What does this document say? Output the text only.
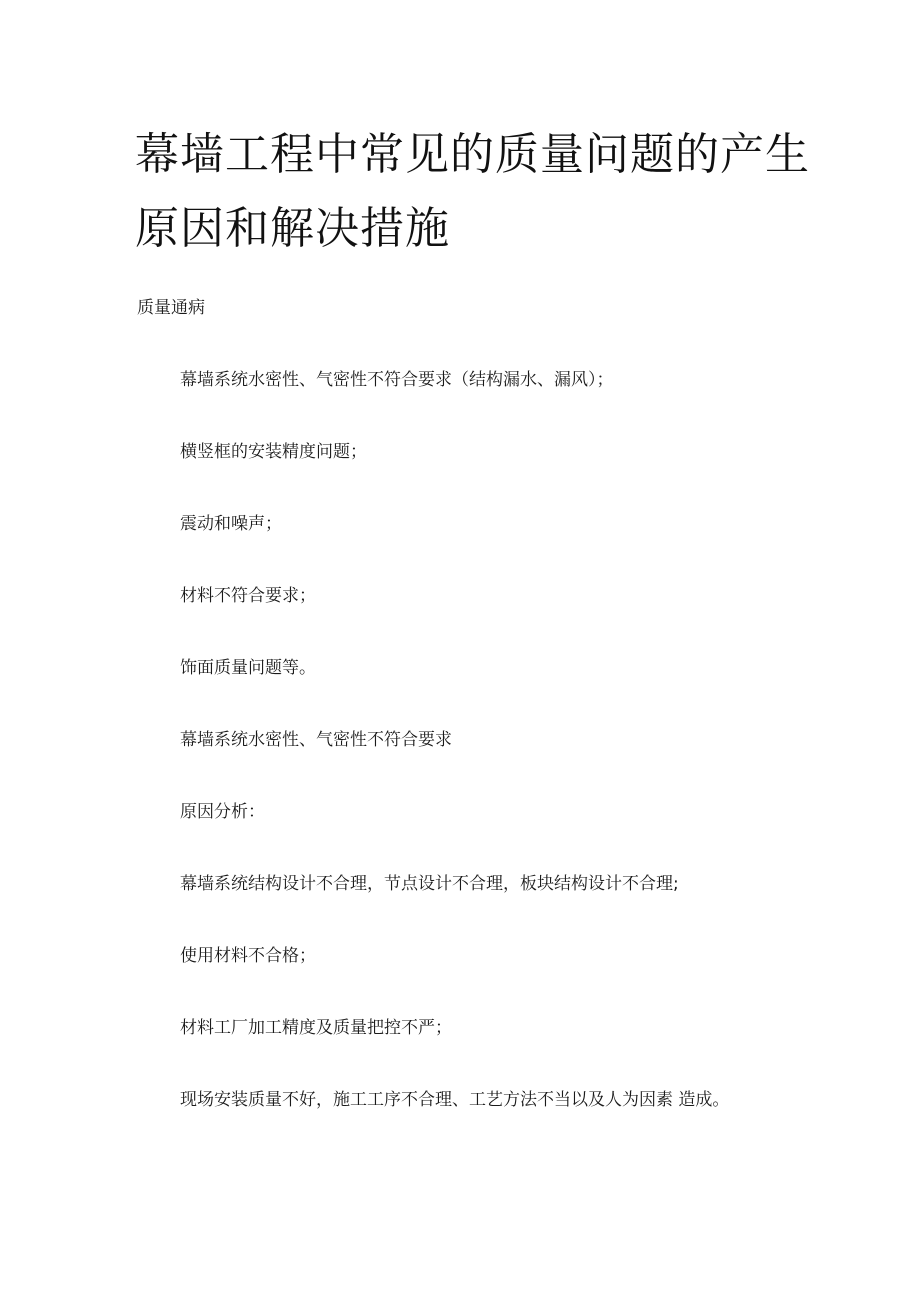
幕墙工程中常见的质量问题的产生
原因和解决措施

质量通病

幕墙系统水密性、气密性不符合要求（结构漏水、漏风）；
横竖框的安装精度问题；
震动和噪声；
材料不符合要求；
饰面质量问题等。
幕墙系统水密性、气密性不符合要求
原因分析：
幕墙系统结构设计不合理，节点设计不合理，板块结构设计不合理;
使用材料不合格；
材料工厂加工精度及质量把控不严；
现场安装质量不好，施工工序不合理、工艺方法不当以及人为因素 造成。
